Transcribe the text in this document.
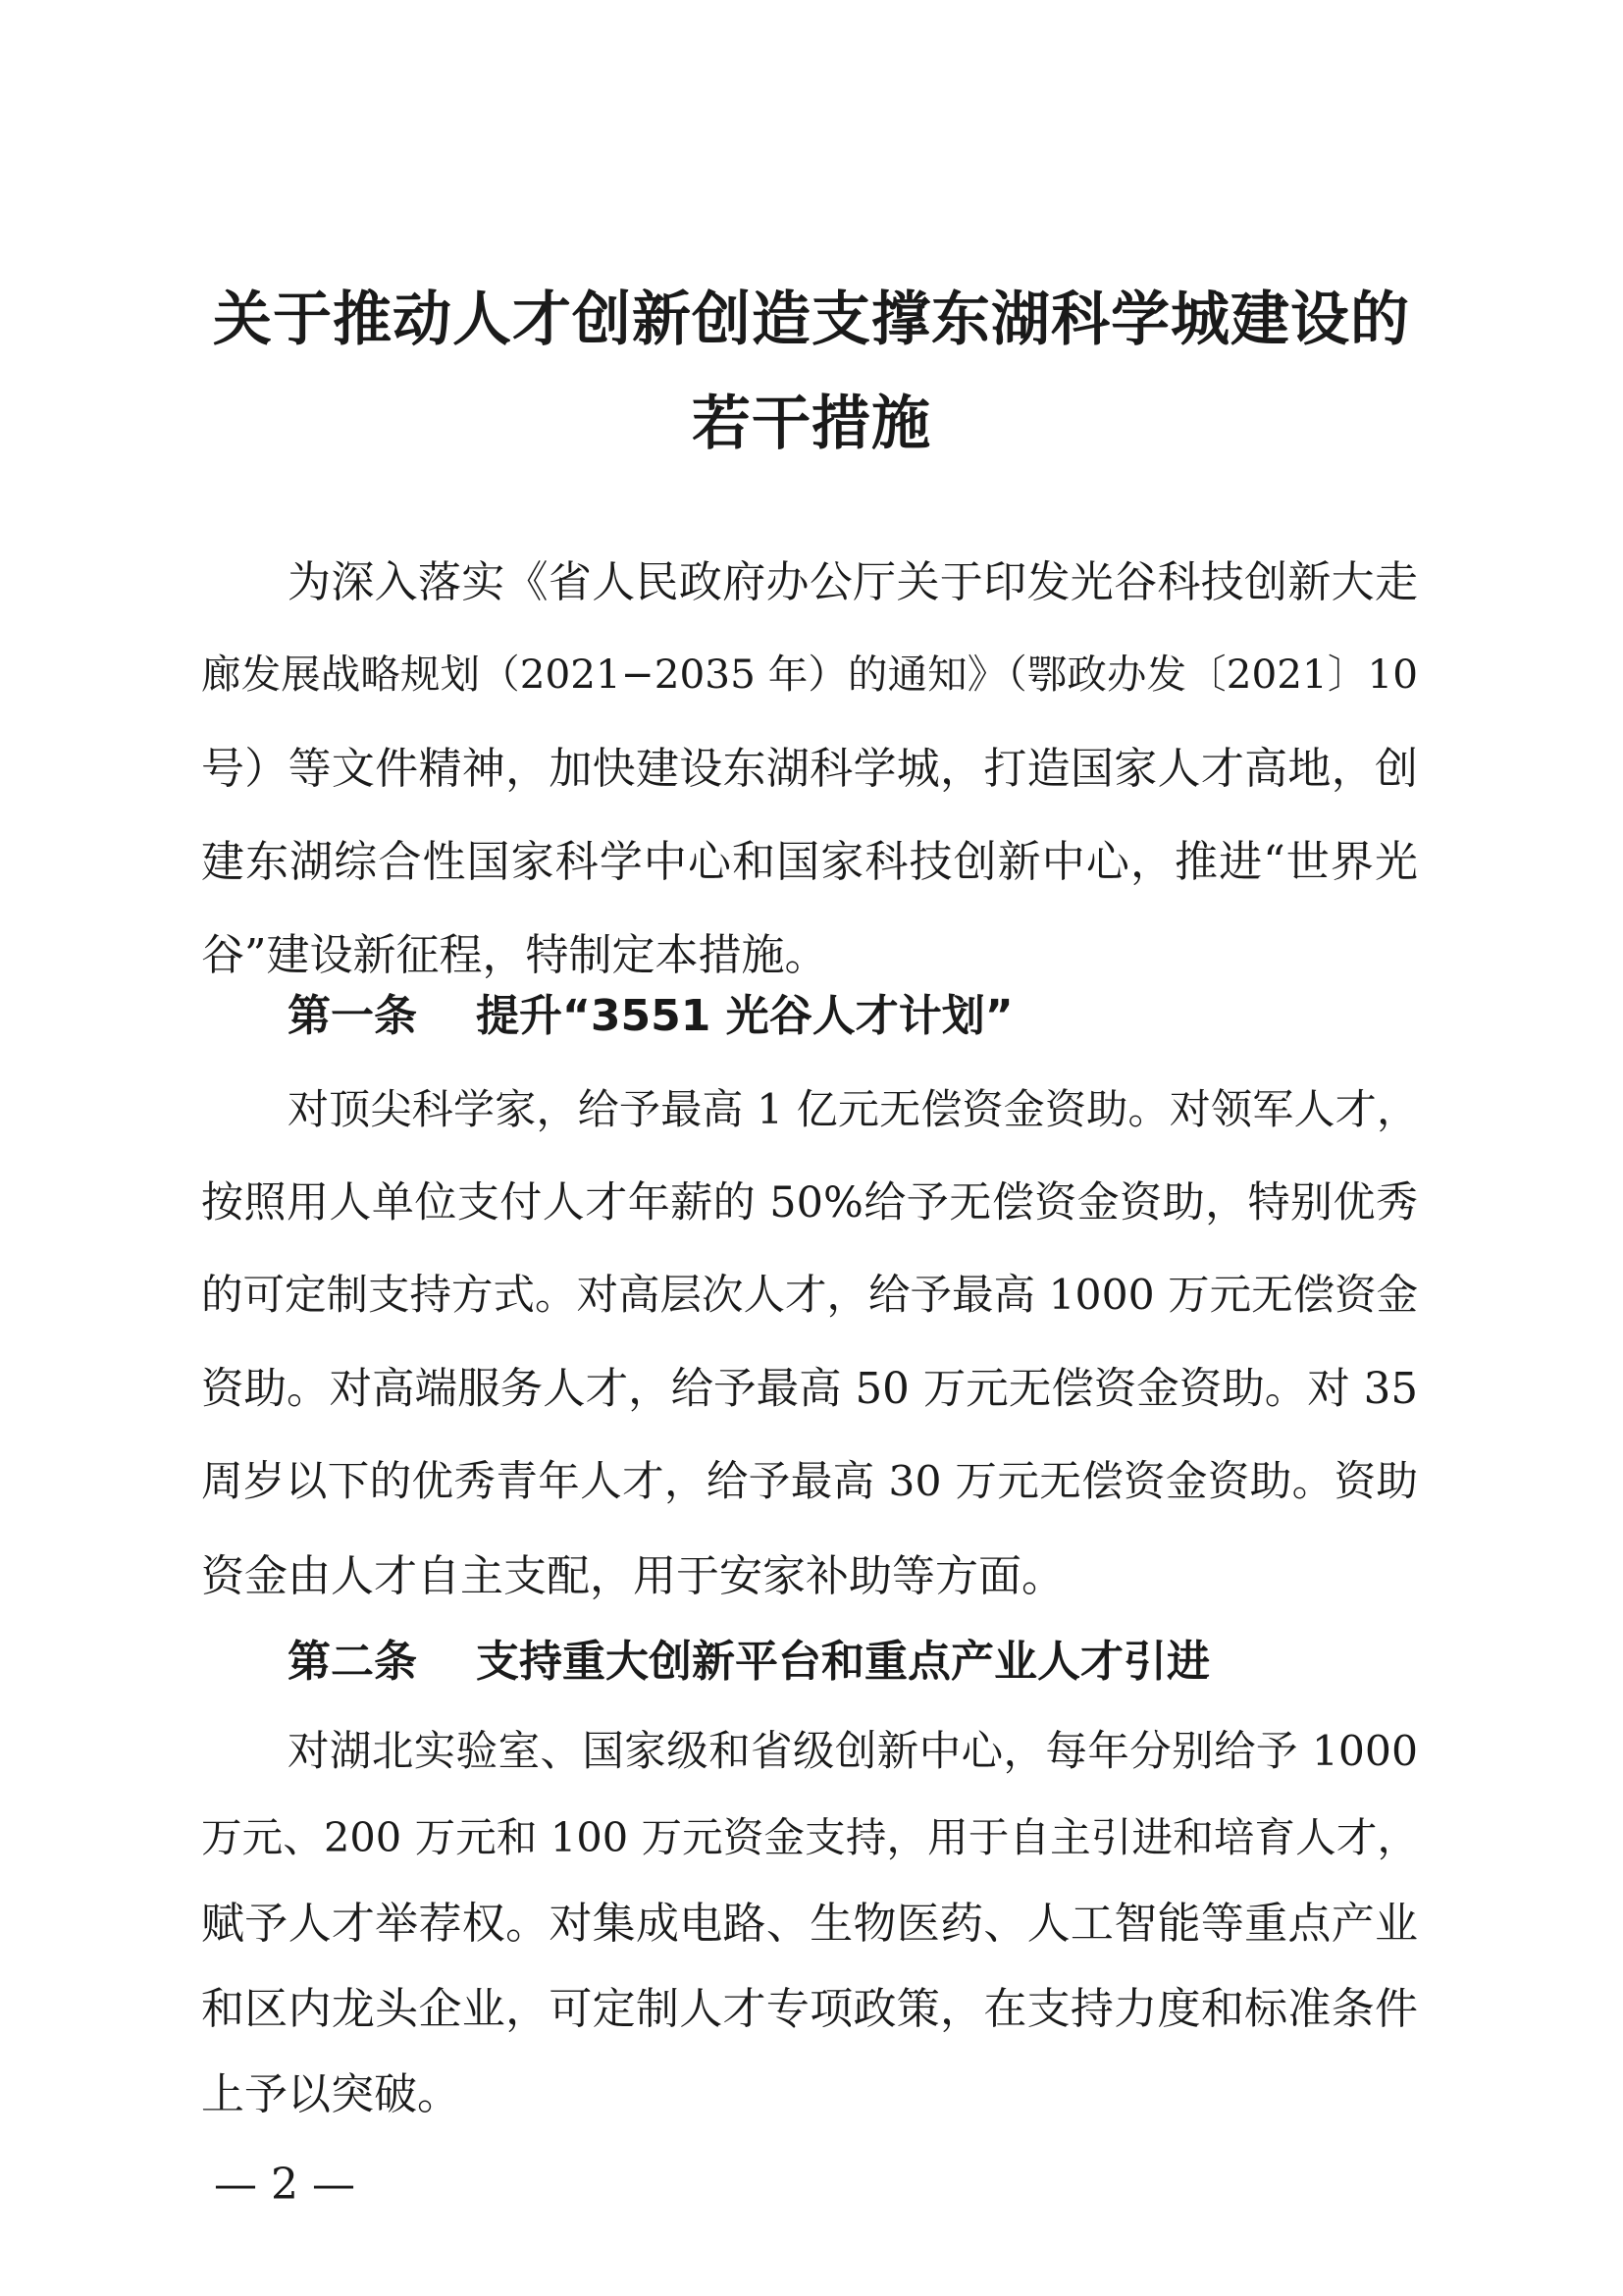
关于推动人才创新创造支撑东湖科学城建设的
若干措施
为深入落实《省人民政府办公厅关于印发光谷科技创新大走
廊发展战略规划（2021−2035 年）的通知》（鄂政办发〔2021〕10
号）等文件精神，加快建设东湖科学城，打造国家人才高地，创
建东湖综合性国家科学中心和国家科技创新中心，推进“世界光
谷”建设新征程，特制定本措施。
第一条 提升“3551 光谷人才计划”
对顶尖科学家，给予最高 1 亿元无偿资金资助。对领军人才，
按照用人单位支付人才年薪的 50%给予无偿资金资助，特别优秀
的可定制支持方式。对高层次人才，给予最高 1000 万元无偿资金
资助。对高端服务人才，给予最高 50 万元无偿资金资助。对 35
周岁以下的优秀青年人才，给予最高 30 万元无偿资金资助。资助
资金由人才自主支配，用于安家补助等方面。
第二条 支持重大创新平台和重点产业人才引进
对湖北实验室、国家级和省级创新中心，每年分别给予 1000
万元、200 万元和 100 万元资金支持，用于自主引进和培育人才，
赋予人才举荐权。对集成电路、生物医药、人工智能等重点产业
和区内龙头企业，可定制人才专项政策，在支持力度和标准条件
— 2 —
上予以突破。
